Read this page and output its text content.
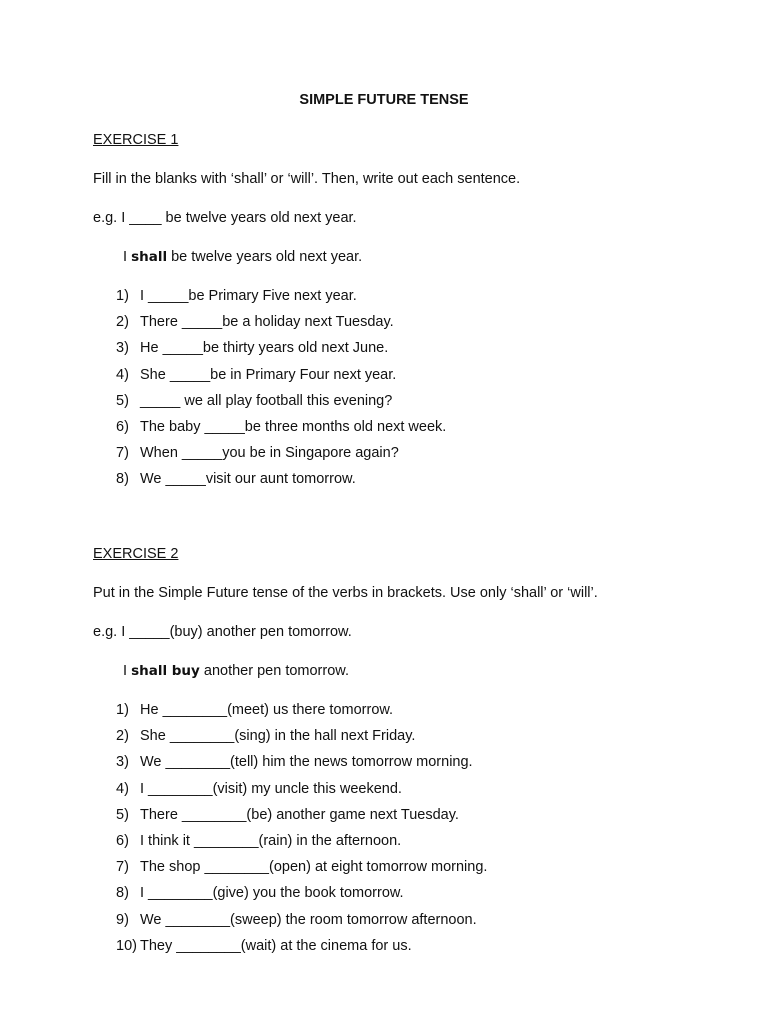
SIMPLE FUTURE TENSE
EXERCISE 1
Fill in the blanks with ‘shall’ or ‘will’. Then, write out each sentence.
e.g. I ____ be twelve years old next year.
I shall be twelve years old next year.
1) I _____be Primary Five next year.
2) There _____be a holiday next Tuesday.
3) He _____be thirty years old next June.
4) She _____be in Primary Four next year.
5) _____ we all play football this evening?
6) The baby _____be three months old next week.
7) When _____you be in Singapore again?
8) We _____visit our aunt tomorrow.
EXERCISE 2
Put in the Simple Future tense of the verbs in brackets. Use only ‘shall’ or ‘will’.
e.g. I _____(buy) another pen tomorrow.
I shall buy another pen tomorrow.
1) He ________(meet) us there tomorrow.
2) She ________(sing) in the hall next Friday.
3) We ________(tell) him the news tomorrow morning.
4) I ________(visit) my uncle this weekend.
5) There ________(be) another game next Tuesday.
6) I think it ________(rain) in the afternoon.
7) The shop ________(open) at eight tomorrow morning.
8) I ________(give) you the book tomorrow.
9) We ________(sweep) the room tomorrow afternoon.
10) They ________(wait) at the cinema for us.
